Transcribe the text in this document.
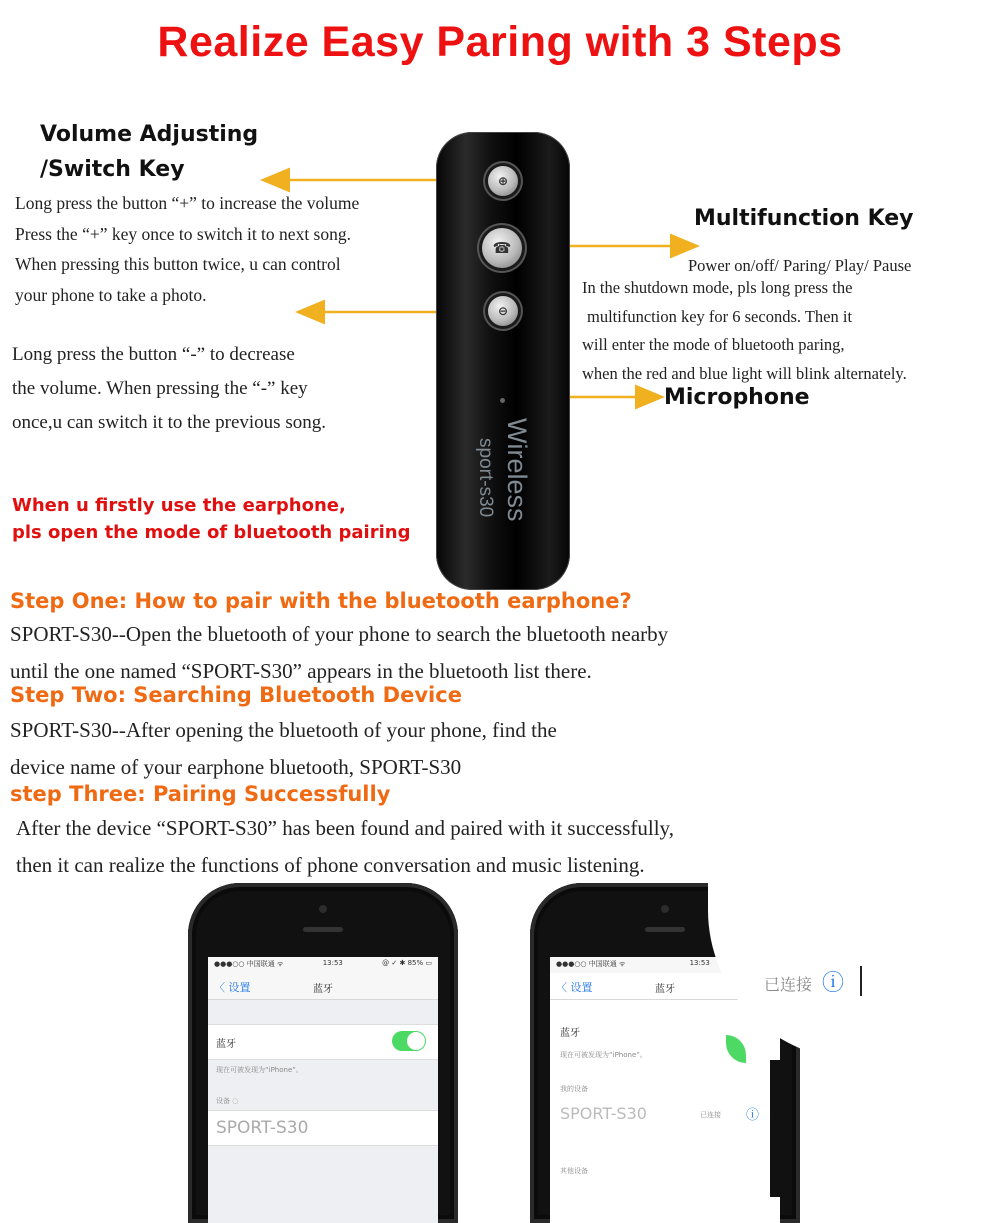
Realize Easy Paring with 3 Steps
Volume Adjusting
/Switch Key
Long press the button “+” to increase the volume
Press the “+” key once to switch it to next song.
When pressing this button twice, u can control
your phone to take a photo.
Long press the button “-” to decrease
the volume. When pressing the “-” key
once,u can switch it to the previous song.
Multifunction Key
Power on/off/ Paring/ Play/ Pause
In the shutdown mode, pls long press the
multifunction key for 6 seconds. Then it
will enter the mode of bluetooth paring,
when the red and blue light will blink alternately.
Microphone
When u firstly use the earphone,
pls open the mode of bluetooth pairing
⊕
☎
⊖
Wireless
sport-s30
Step One: How to pair with the bluetooth earphone?
SPORT-S30--Open the bluetooth of your phone to search the bluetooth nearby
until the one named “SPORT-S30” appears in the bluetooth list there.
Step Two: Searching Bluetooth Device
SPORT-S30--After opening the bluetooth of your phone, find the
device name of your earphone bluetooth, SPORT-S30
step Three: Pairing Successfully
After the device “SPORT-S30” has been found and paired with it successfully,
then it can realize the functions of phone conversation and music listening.
●●●○○ 中国联通 ᯤ	13:53	@ ✓ ✱ 85% ▭
〈 设置	蓝牙
蓝牙
现在可被发现为“iPhone”。
设备 ◌
SPORT-S30
●●●○○ 中国联通 ᯤ	13:53
〈 设置	蓝牙
蓝牙
现在可被发现为“iPhone”。
我的设备
SPORT-S30	已连接 ⓘ
其他设备
已连接 ⓘ
